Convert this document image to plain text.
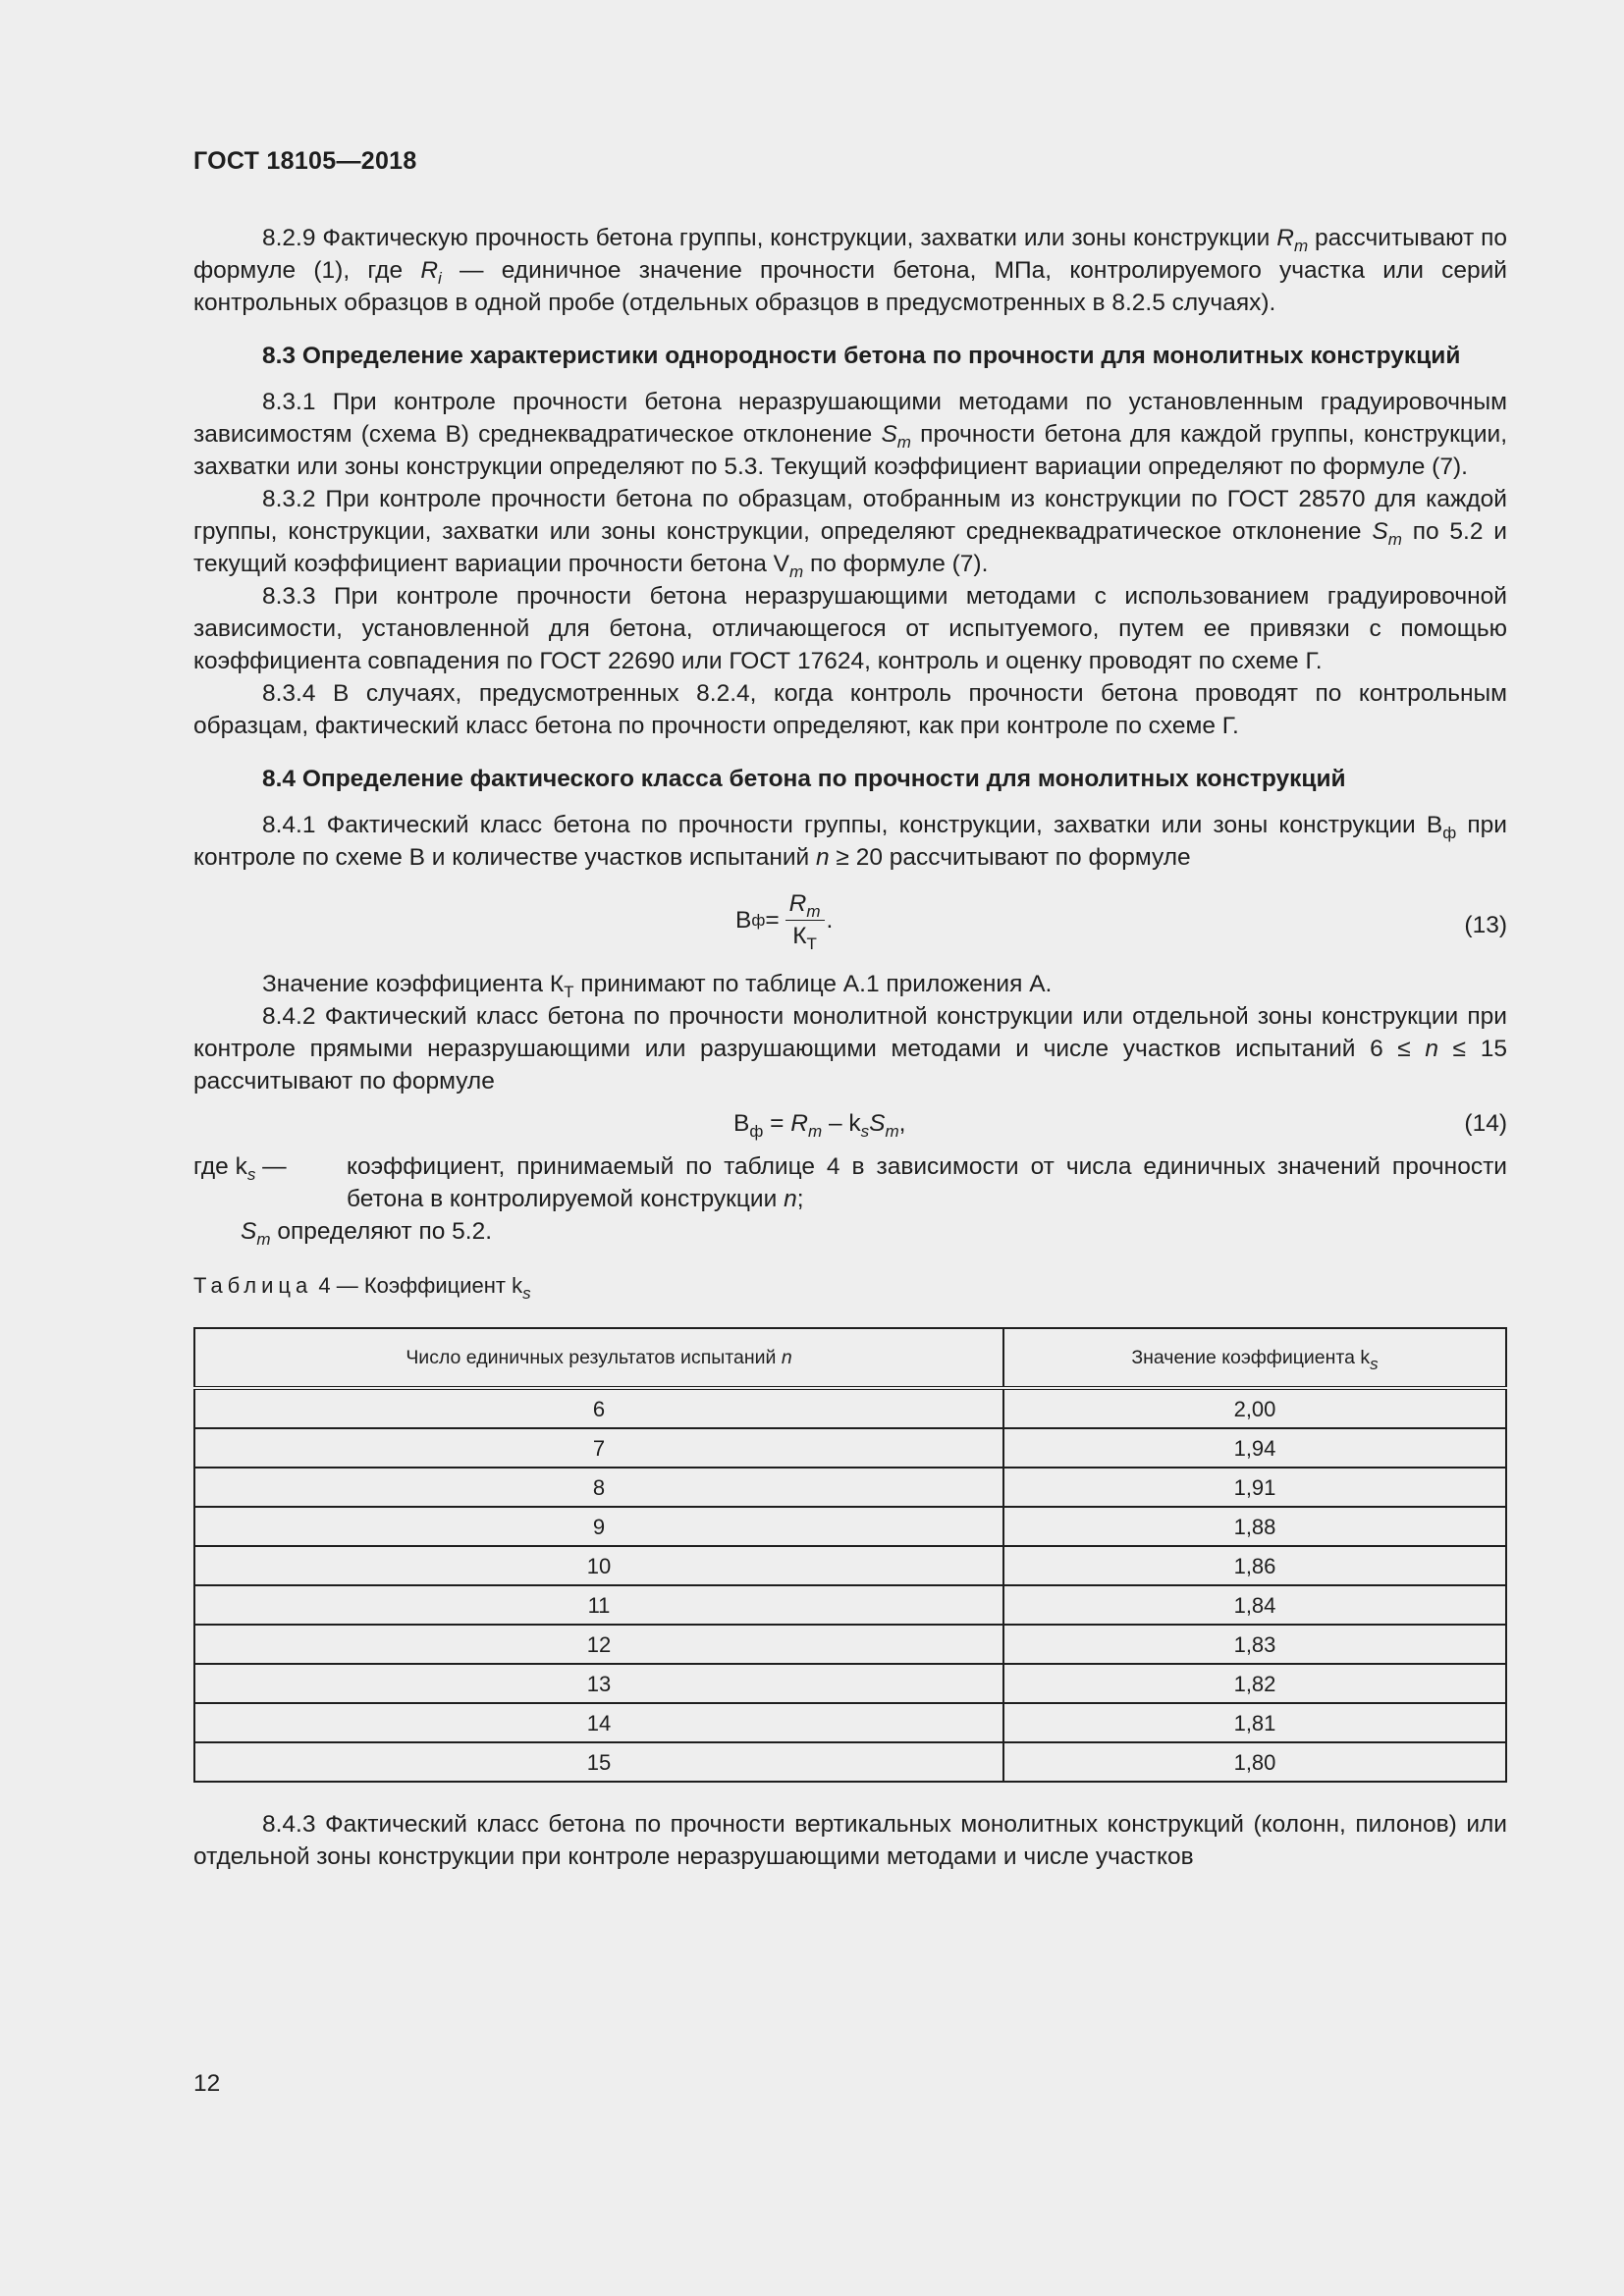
ГОСТ 18105—2018

8.2.9 Фактическую прочность бетона группы, конструкции, захватки или зоны конструкции $R_m$ рассчитывают по формуле (1), где $R_i$ — единичное значение прочности бетона, МПа, контролируемого участка или серий контрольных образцов в одной пробе (отдельных образцов в предусмотренных в 8.2.5 случаях).

8.3 Определение характеристики однородности бетона по прочности для монолитных конструкций

8.3.1 При контроле прочности бетона неразрушающими методами по установленным градуировочным зависимостям (схема В) среднеквадратическое отклонение $S_m$ прочности бетона для каждой группы, конструкции, захватки или зоны конструкции определяют по 5.3. Текущий коэффициент вариации определяют по формуле (7).

8.3.2 При контроле прочности бетона по образцам, отобранным из конструкции по ГОСТ 28570 для каждой группы, конструкции, захватки или зоны конструкции, определяют среднеквадратическое отклонение $S_m$ по 5.2 и текущий коэффициент вариации прочности бетона $V_m$ по формуле (7).

8.3.3 При контроле прочности бетона неразрушающими методами с использованием градуировочной зависимости, установленной для бетона, отличающегося от испытуемого, путем ее привязки с помощью коэффициента совпадения по ГОСТ 22690 или ГОСТ 17624, контроль и оценку проводят по схеме Г.

8.3.4 В случаях, предусмотренных 8.2.4, когда контроль прочности бетона проводят по контрольным образцам, фактический класс бетона по прочности определяют, как при контроле по схеме Г.

8.4 Определение фактического класса бетона по прочности для монолитных конструкций

8.4.1 Фактический класс бетона по прочности группы, конструкции, захватки или зоны конструкции $В_ф$ при контроле по схеме В и количестве участков испытаний n ≥ 20 рассчитывают по формуле

В $ф = \frac{R_m}{К_Т}$ .	(13)

Значение коэффициента $К_Т$ принимают по таблице А.1 приложения А.

8.4.2 Фактический класс бетона по прочности монолитной конструкции или отдельной зоны конструкции при контроле прямыми неразрушающими или разрушающими методами и числе участков испытаний 6 ≤ n ≤ 15 рассчитывают по формуле

$В_ф = R_m - k_sS_m$,	(14)
где $k_s$ —	коэффициент, принимаемый по таблице 4 в зависимости от числа единичных значений прочности бетона в контролируемой конструкции n;

$S_m$ определяют по 5.2.

Таблица 4 — Коэффициент $k_s$

Число единичных результатов испытаний n	Значение коэффициента $k_s$
6	2,00
7	1,94
8	1,91
9	1,88
10	1,86
11	1,84
12	1,83
13	1,82
14	1,81
15	1,80

8.4.3 Фактический класс бетона по прочности вертикальных монолитных конструкций (колонн, пилонов) или отдельной зоны конструкции при контроле неразрушающими методами и числе участков

12
